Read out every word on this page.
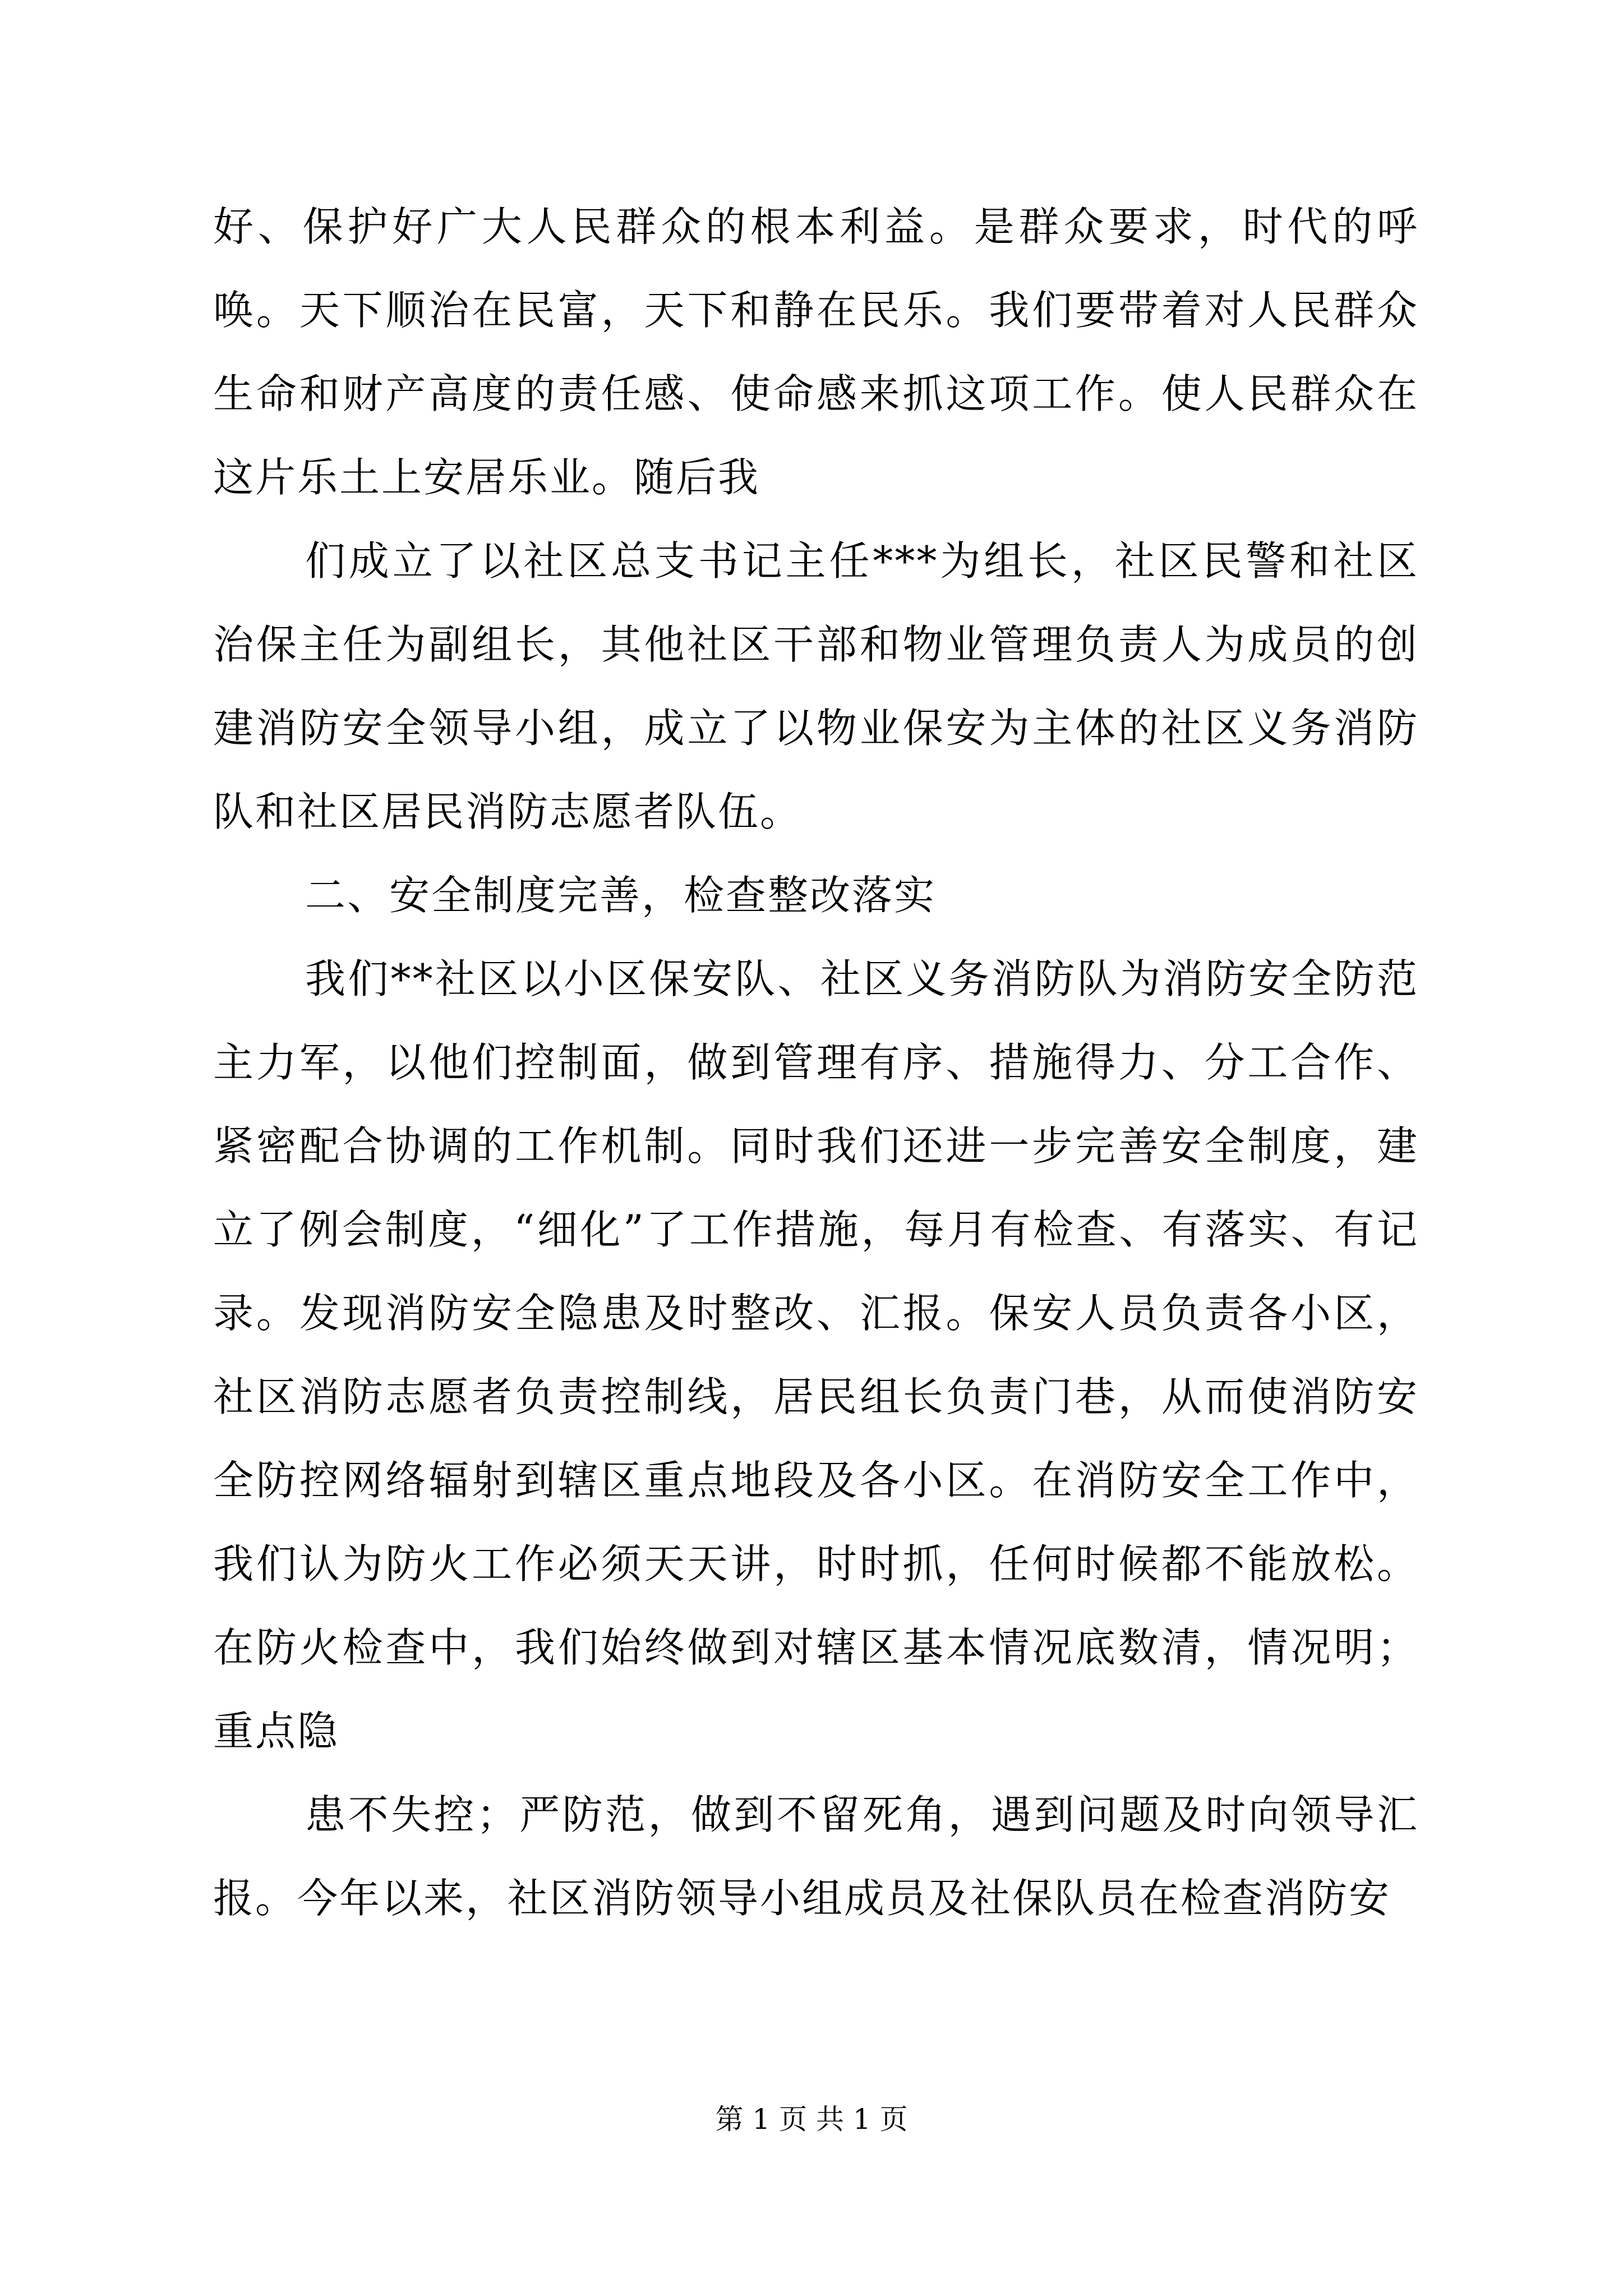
好、保护好广大人民群众的根本利益。是群众要求，时代的呼唤。天下顺治在民富，天下和静在民乐。我们要带着对人民群众生命和财产高度的责任感、使命感来抓这项工作。使人民群众在这片乐土上安居乐业。随后我

们成立了以社区总支书记主任***为组长，社区民警和社区治保主任为副组长，其他社区干部和物业管理负责人为成员的创建消防安全领导小组，成立了以物业保安为主体的社区义务消防队和社区居民消防志愿者队伍。

二、安全制度完善，检查整改落实

我们**社区以小区保安队、社区义务消防队为消防安全防范主力军，以他们控制面，做到管理有序、措施得力、分工合作、紧密配合协调的工作机制。同时我们还进一步完善安全制度，建立了例会制度，“细化”了工作措施，每月有检查、有落实、有记录。发现消防安全隐患及时整改、汇报。保安人员负责各小区，社区消防志愿者负责控制线，居民组长负责门巷，从而使消防安全防控网络辐射到辖区重点地段及各小区。在消防安全工作中，我们认为防火工作必须天天讲，时时抓，任何时候都不能放松。在防火检查中，我们始终做到对辖区基本情况底数清，情况明；重点隐

患不失控；严防范，做到不留死角，遇到问题及时向领导汇报。今年以来，社区消防领导小组成员及社保队员在检查消防安

第 1 页 共 1 页
